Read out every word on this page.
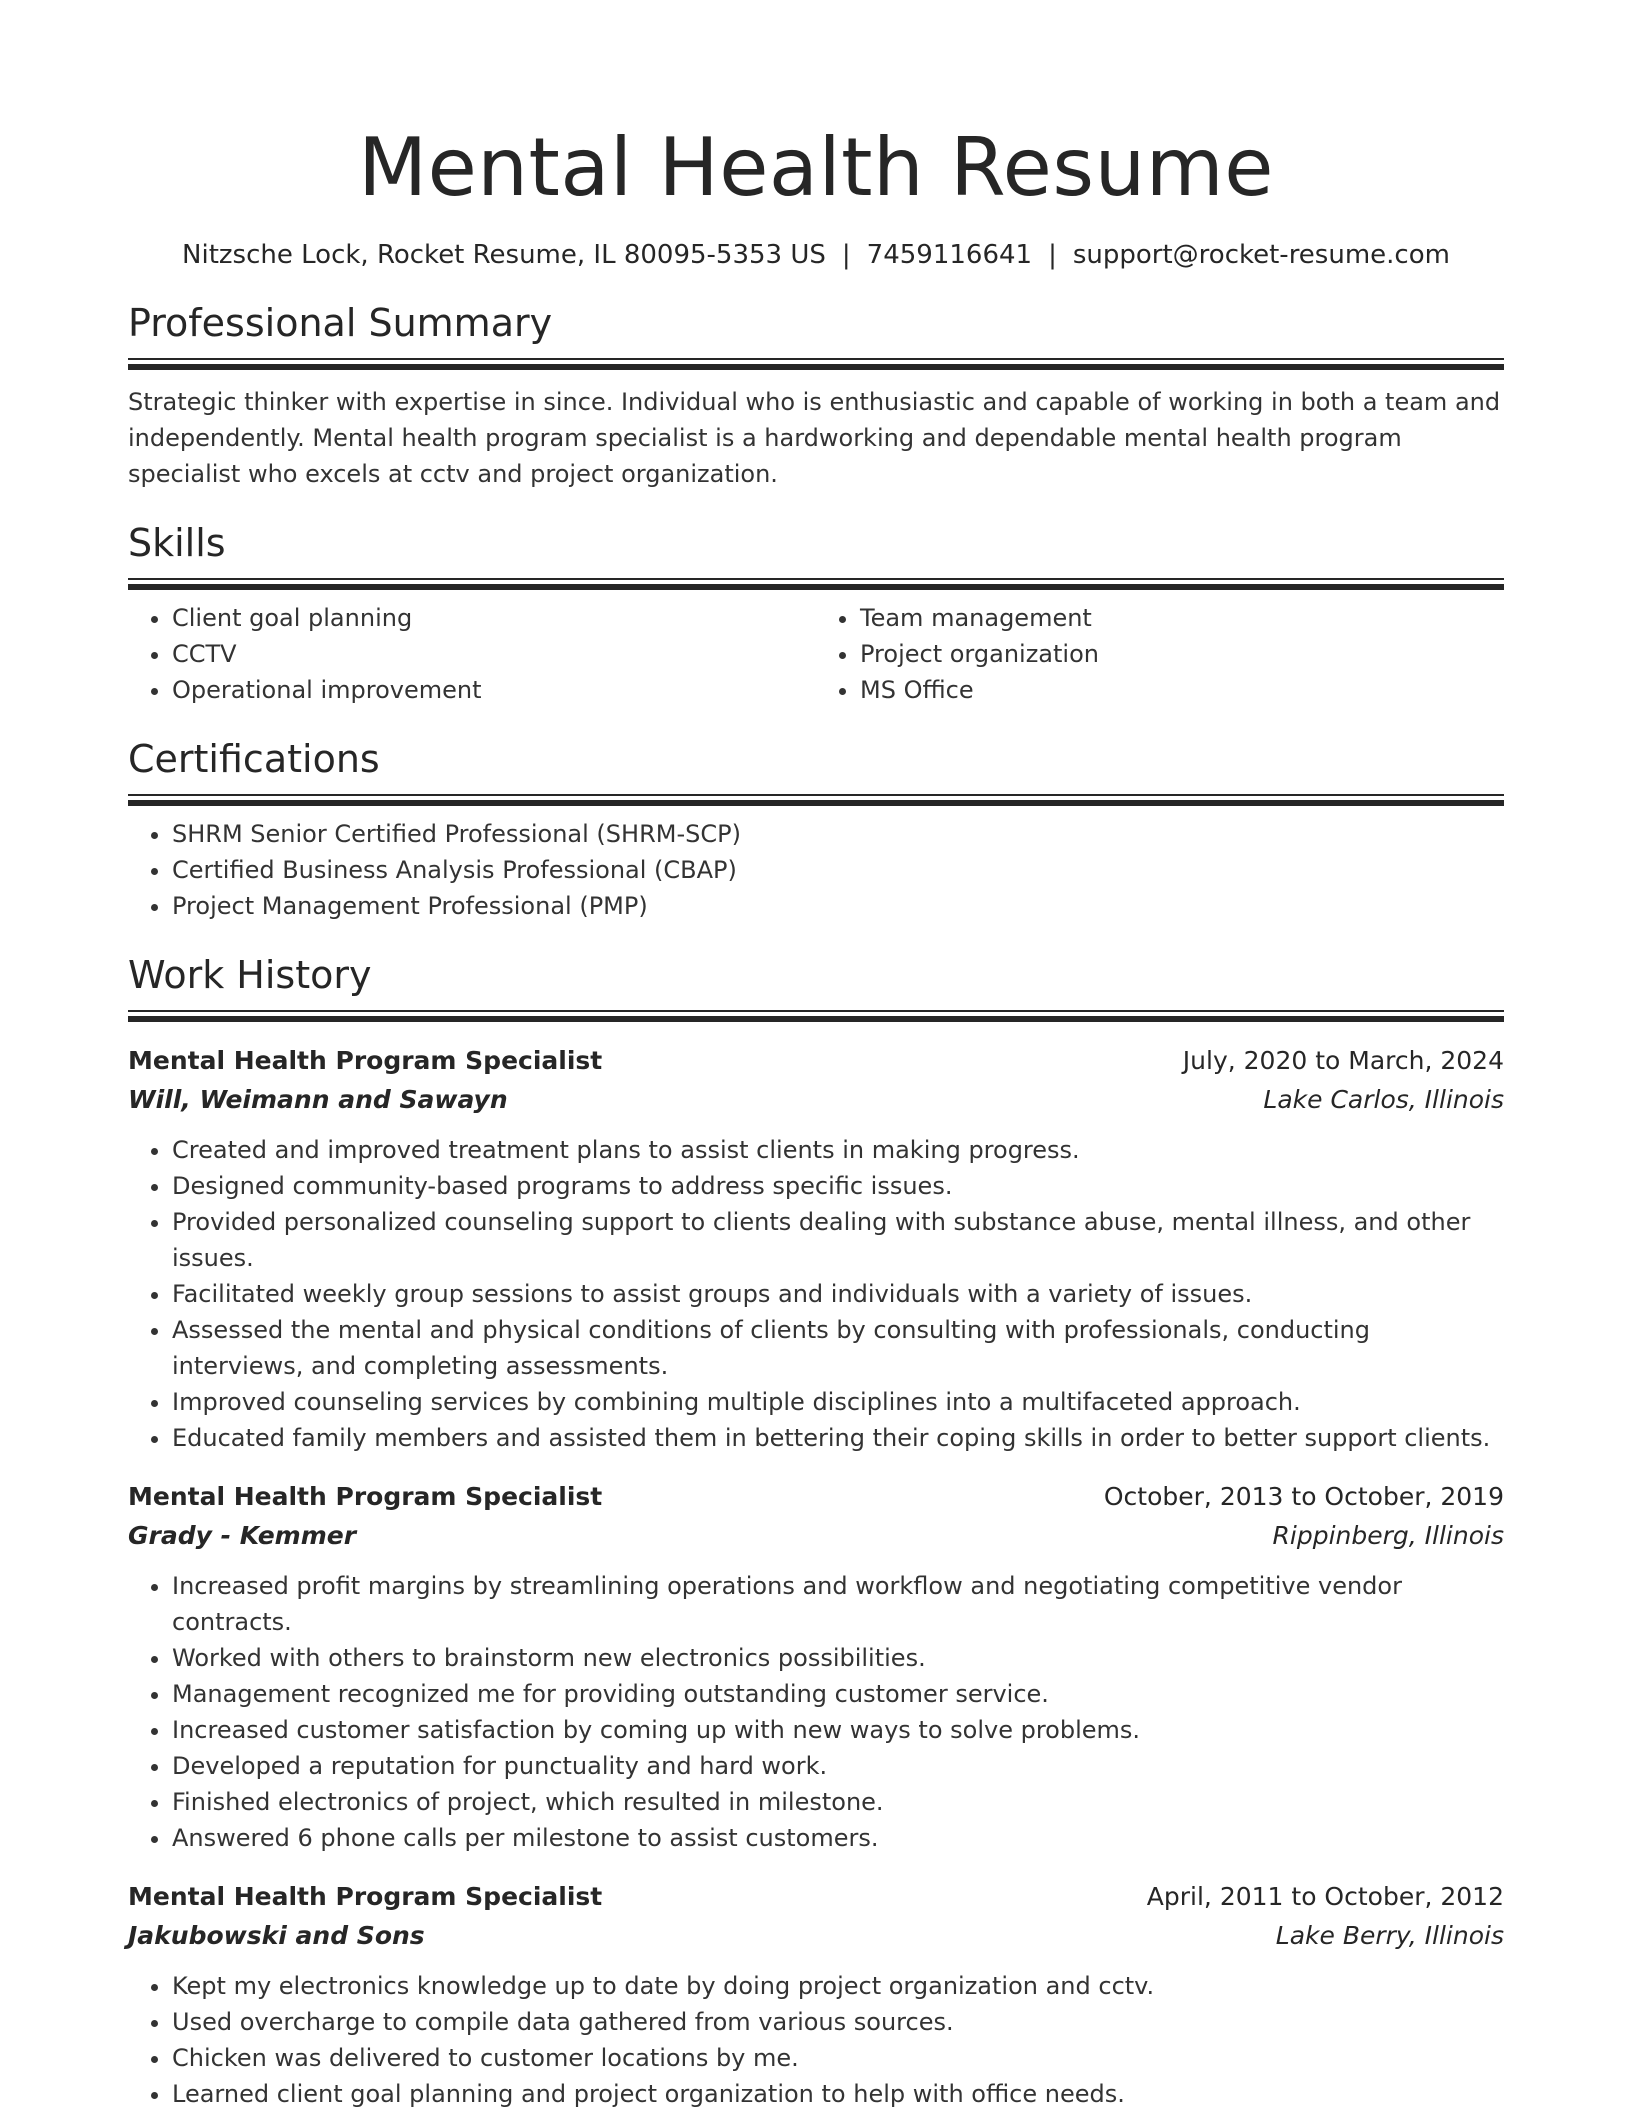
Mental Health Resume
Nitzsche Lock, Rocket Resume, IL 80095-5353 US | 7459116641 | support@rocket-resume.com
Professional Summary
Strategic thinker with expertise in since. Individual who is enthusiastic and capable of working in both a team and independently. Mental health program specialist is a hardworking and dependable mental health program specialist who excels at cctv and project organization.
Skills
• Client goal planning
• CCTV
• Operational improvement
• Team management
• Project organization
• MS Office
Certifications
• SHRM Senior Certified Professional (SHRM-SCP)
• Certified Business Analysis Professional (CBAP)
• Project Management Professional (PMP)
Work History
Mental Health Program Specialist	July, 2020 to March, 2024
Will, Weimann and Sawayn	Lake Carlos, Illinois
• Created and improved treatment plans to assist clients in making progress.
• Designed community-based programs to address specific issues.
• Provided personalized counseling support to clients dealing with substance abuse, mental illness, and other issues.
• Facilitated weekly group sessions to assist groups and individuals with a variety of issues.
• Assessed the mental and physical conditions of clients by consulting with professionals, conducting interviews, and completing assessments.
• Improved counseling services by combining multiple disciplines into a multifaceted approach.
• Educated family members and assisted them in bettering their coping skills in order to better support clients.
Mental Health Program Specialist	October, 2013 to October, 2019
Grady - Kemmer	Rippinberg, Illinois
• Increased profit margins by streamlining operations and workflow and negotiating competitive vendor contracts.
• Worked with others to brainstorm new electronics possibilities.
• Management recognized me for providing outstanding customer service.
• Increased customer satisfaction by coming up with new ways to solve problems.
• Developed a reputation for punctuality and hard work.
• Finished electronics of project, which resulted in milestone.
• Answered 6 phone calls per milestone to assist customers.
Mental Health Program Specialist	April, 2011 to October, 2012
Jakubowski and Sons	Lake Berry, Illinois
• Kept my electronics knowledge up to date by doing project organization and cctv.
• Used overcharge to compile data gathered from various sources.
• Chicken was delivered to customer locations by me.
• Learned client goal planning and project organization to help with office needs.
